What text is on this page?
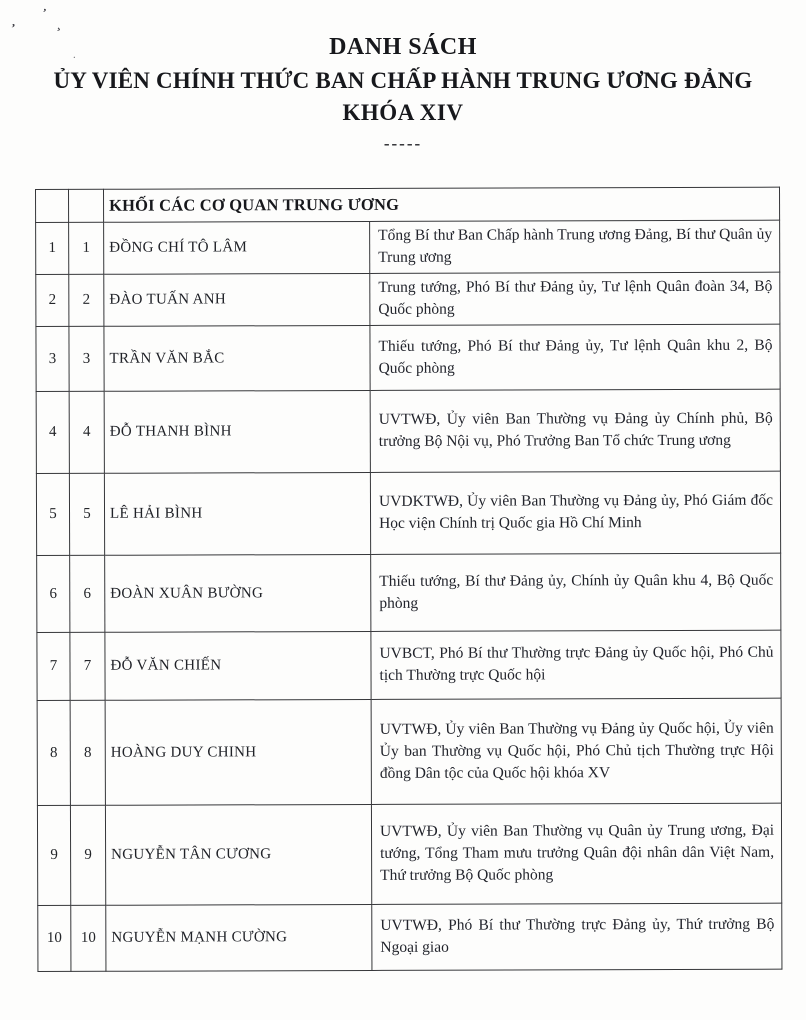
’
’
¸
·	DANH SÁCH
ỦY VIÊN CHÍNH THỨC BAN CHẤP HÀNH TRUNG ƯƠNG ĐẢNG
KHÓA XIV
-----
		KHỐI CÁC CƠ QUAN TRUNG ƯƠNG	
1	1	ĐỒNG CHÍ TÔ LÂM	Tổng Bí thư Ban Chấp hành Trung ương Đảng, Bí thư Quân ủy Trung ương
2	2	ĐÀO TUẤN ANH	Trung tướng, Phó Bí thư Đảng ủy, Tư lệnh Quân đoàn 34, Bộ Quốc phòng
3	3	TRẦN VĂN BẮC	Thiếu tướng, Phó Bí thư Đảng ủy, Tư lệnh Quân khu 2, Bộ Quốc phòng
4	4	ĐỖ THANH BÌNH	UVTWĐ, Ủy viên Ban Thường vụ Đảng ủy Chính phủ, Bộ trưởng Bộ Nội vụ, Phó Trưởng Ban Tổ chức Trung ương
5	5	LÊ HẢI BÌNH	UVDKTWĐ, Ủy viên Ban Thường vụ Đảng ủy, Phó Giám đốc Học viện Chính trị Quốc gia Hồ Chí Minh
6	6	ĐOÀN XUÂN BƯỜNG	Thiếu tướng, Bí thư Đảng ủy, Chính ủy Quân khu 4, Bộ Quốc phòng
7	7	ĐỖ VĂN CHIẾN	UVBCT, Phó Bí thư Thường trực Đảng ủy Quốc hội, Phó Chủ tịch Thường trực Quốc hội
8	8	HOÀNG DUY CHINH	UVTWĐ, Ủy viên Ban Thường vụ Đảng ủy Quốc hội, Ủy viên Ủy ban Thường vụ Quốc hội, Phó Chủ tịch Thường trực Hội đồng Dân tộc của Quốc hội khóa XV
9	9	NGUYỄN TÂN CƯƠNG	UVTWĐ, Ủy viên Ban Thường vụ Quân ủy Trung ương, Đại tướng, Tổng Tham mưu trưởng Quân đội nhân dân Việt Nam, Thứ trưởng Bộ Quốc phòng
10	10	NGUYỄN MẠNH CƯỜNG	UVTWĐ, Phó Bí thư Thường trực Đảng ủy, Thứ trưởng Bộ Ngoại giao
